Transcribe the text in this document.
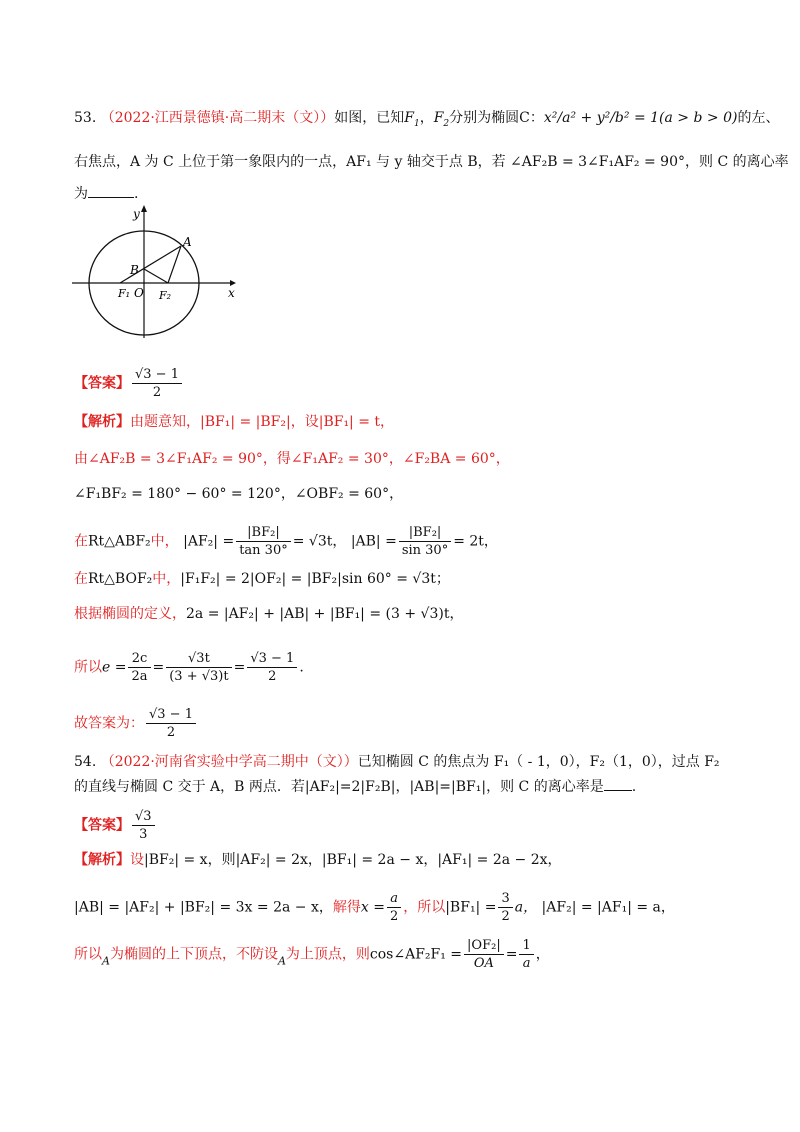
53. （2022·江西景德镇·高二期末（文））如图，已知$F_1$，$F_2$分别为椭圆C：x²/a² + y²/b² = 1(a > b > 0)的左、
右焦点，A 为 C 上位于第一象限内的一点，AF₁ 与 y 轴交于点 B，若 ∠AF₂B = 3∠F₁AF₂ = 90°，则 C 的离心率
为	.
y
x
A
B
F₁ O F₂
【答案】 $\frac{√3 - 1}{2}$
【解析】由题意知，|BF₁| = |BF₂|，设|BF₁| = t，
由∠AF₂B = 3∠F₁AF₂ = 90°，得∠F₁AF₂ = 30°，∠F₂BA = 60°，
∠F₁BF₂ = 180° − 60° = 120°，∠OBF₂ = 60°，
在Rt△ABF₂中， $|AF_2| = \frac{\text{|BF₂|}}{\tan 30^\circ} = √3t$， $|AB| = \frac{\text{|BF₂|}}{\sin 30^\circ} = 2t$，
在Rt△BOF₂中，|F₁F₂| = 2|OF₂| = |BF₂|sin 60° = √3t；
根据椭圆的定义，2a = |AF₂| + |AB| + |BF₁| = (3 + √3)t，
所以$e = \frac{2c}{2a} = \frac{√3t}{(3 + √3)t} = \frac{√3 - 1}{2}$ .
故答案为： $\frac{√3 - 1}{2}$
54. （2022·河南省实验中学高二期中（文））已知椭圆 C 的焦点为 F₁（ - 1，0），F₂（1，0），过点 F₂
的直线与椭圆 C 交于 A，B 两点．若|AF₂|=2|F₂B|，|AB|=|BF₁|，则 C 的离心率是 .
【答案】 $\frac{√3}{3}$
【解析】设|BF₂| = x，则|AF₂| = 2x，|BF₁| = 2a − x，|AF₁| = 2a − 2x，
|AB| = |AF₂| + |BF₂| = 3x = 2a − x，解得$x = \frac{a}{2}$ ，所以$|BF_1| = \frac{3}{2}$ a， |AF₂| = |AF₁| = a，
所以$_A$为椭圆的上下顶点，不防设$_A$为上顶点，则cos∠AF₂F₁ = $\frac{\text{|OF₂|}}{OA} = \frac{1}{a}$ ，
